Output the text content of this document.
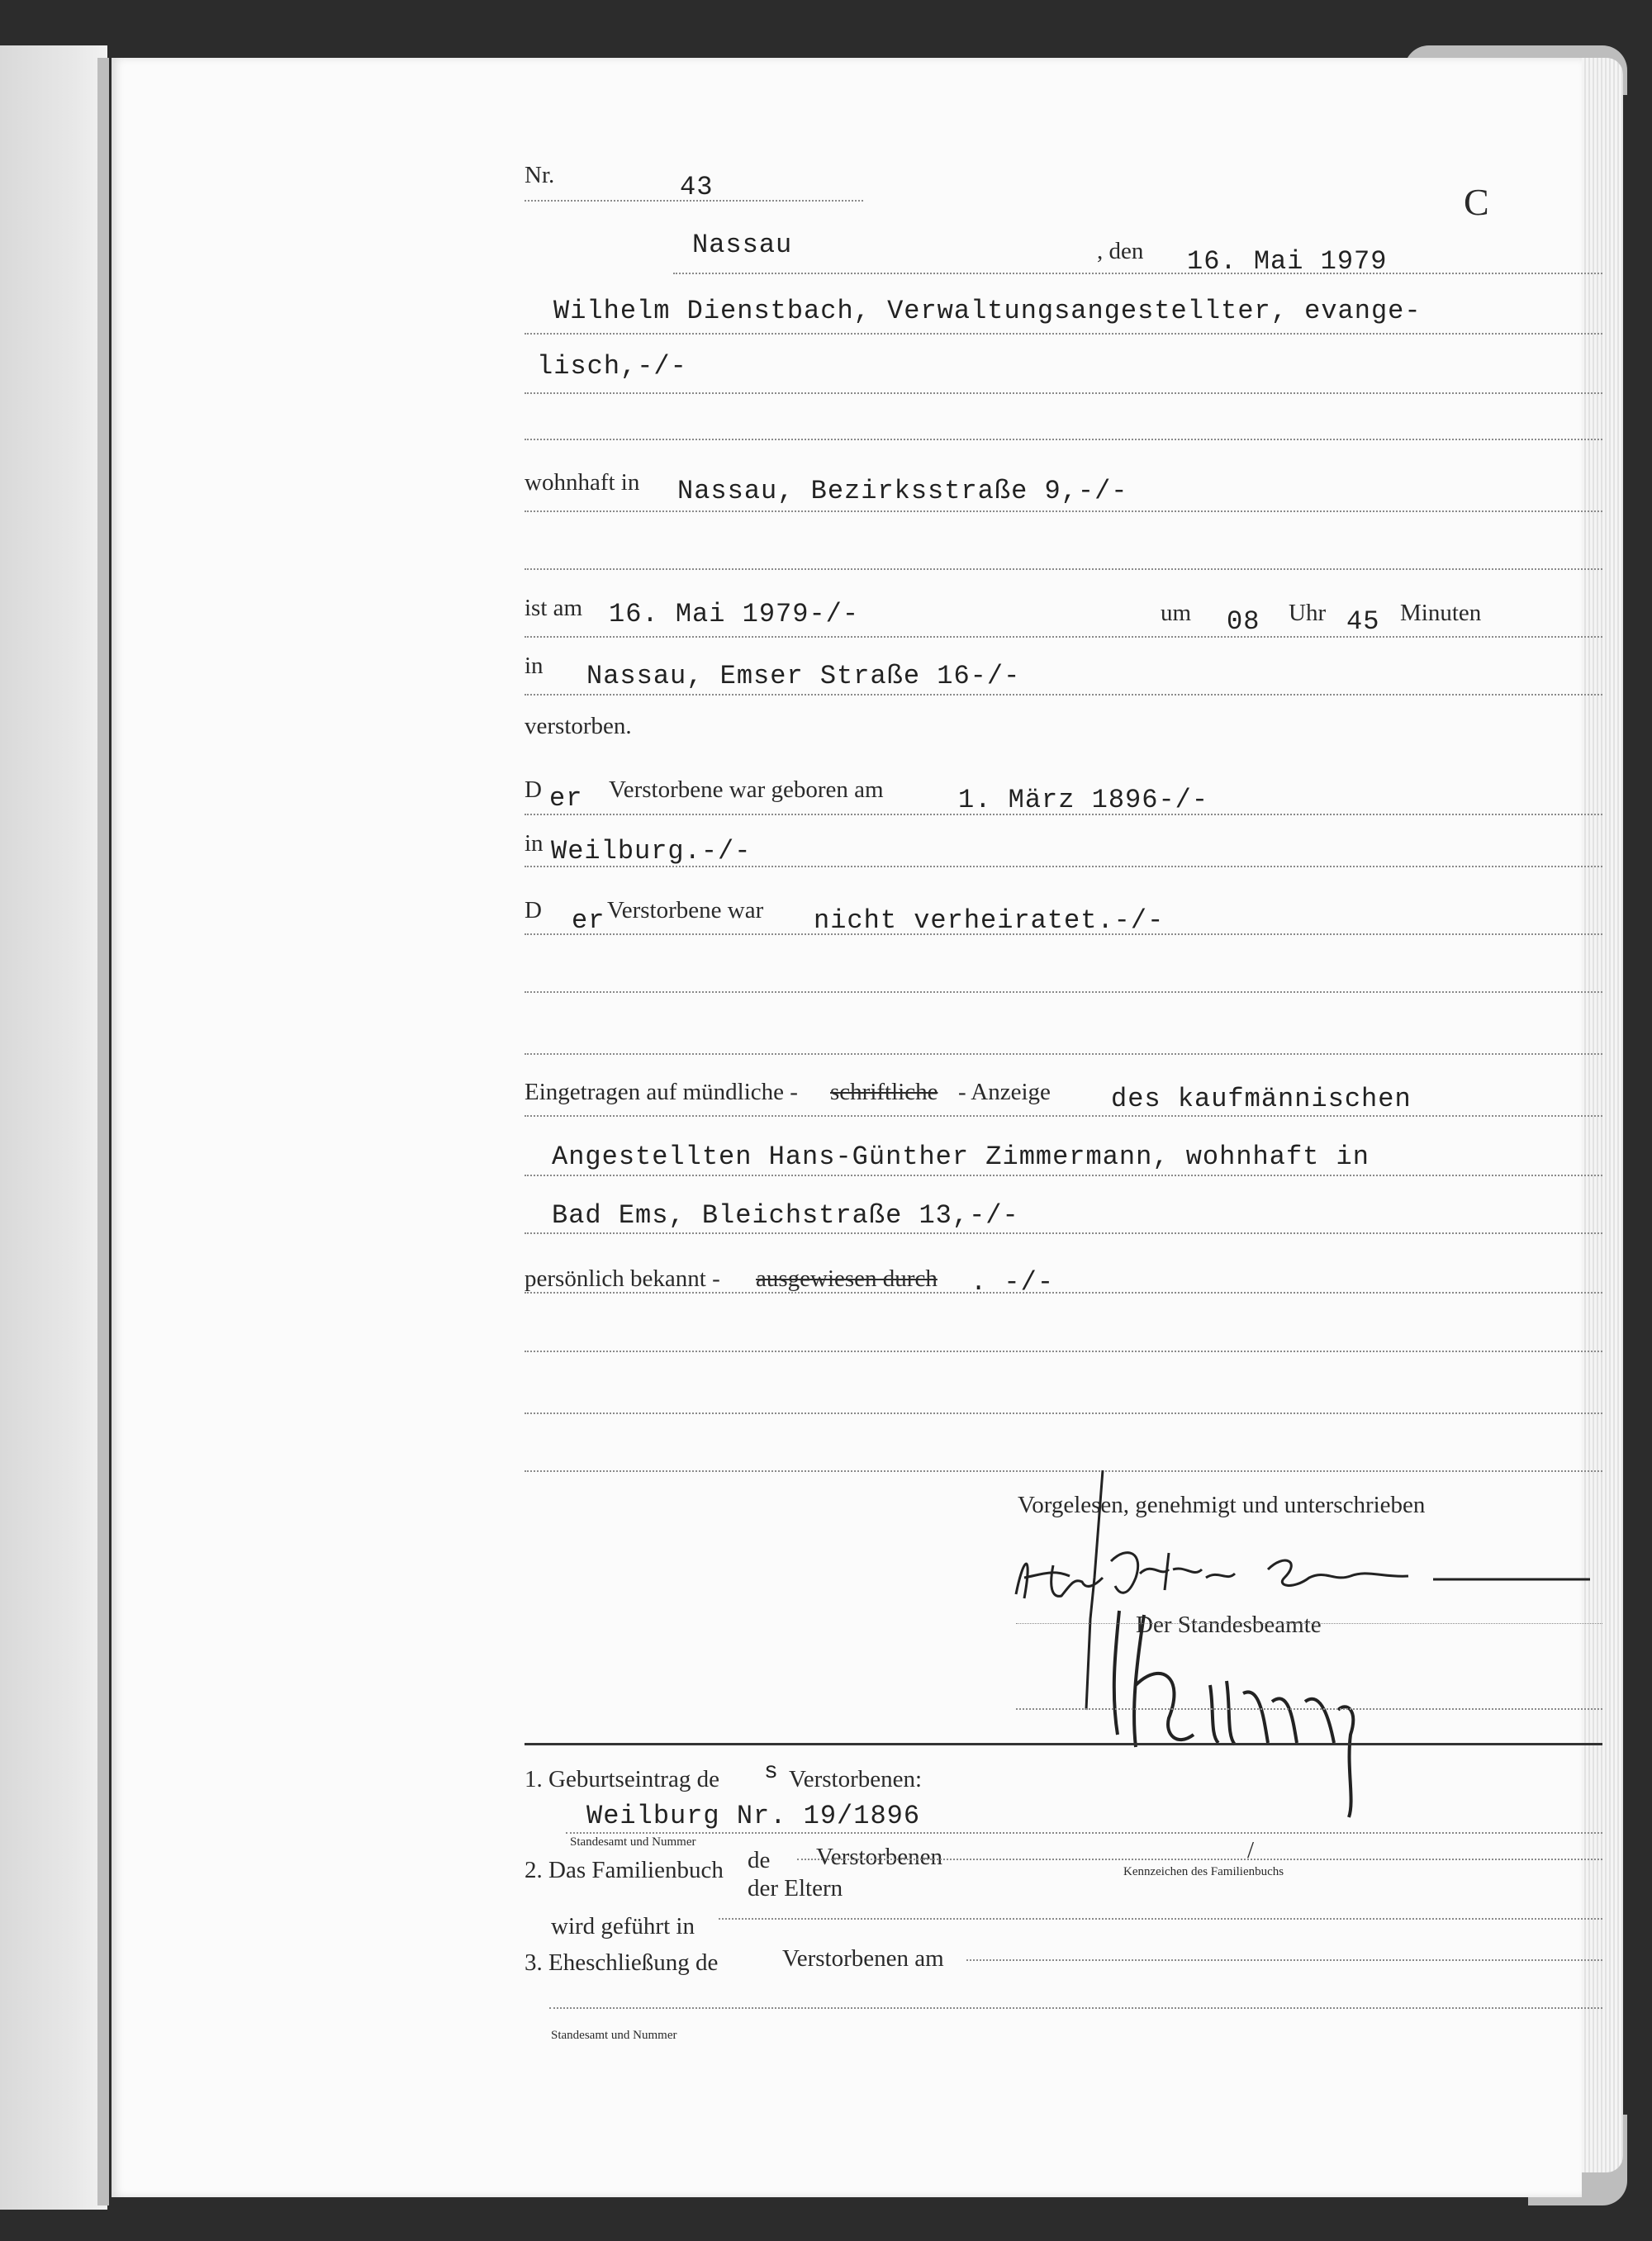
Nr.	43	C
Nassau	, den 16. Mai 1979
Wilhelm Dienstbach, Verwaltungsangestellter, evange-
lisch,-/-
wohnhaft in Nassau, Bezirksstraße 9,-/-
ist am 16. Mai 1979-/-	um 08 Uhr 45 Minuten
in Nassau, Emser Straße 16-/-
verstorben.
D er Verstorbene war geboren am	1. März 1896-/-
in Weilburg.-/-
D er Verstorbene war nicht verheiratet.-/-
Eingetragen auf mündliche - schriftliche - Anzeige des kaufmännischen
Angestellten Hans-Günther Zimmermann, wohnhaft in
Bad Ems, Bleichstraße 13,-/-
persönlich bekannt - ausgewiesen durch . -/-
Vorgelesen, genehmigt und unterschrieben
Der Standesbeamte
1. Geburtseintrag de s Verstorbenen:
Weilburg Nr. 19/1896
Standesamt und Nummer
2. Das Familienbuch de Verstorbenen	/
Kennzeichen des Familienbuchs
der Eltern
wird geführt in
3. Eheschließung de	Verstorbenen am
Standesamt und Nummer
